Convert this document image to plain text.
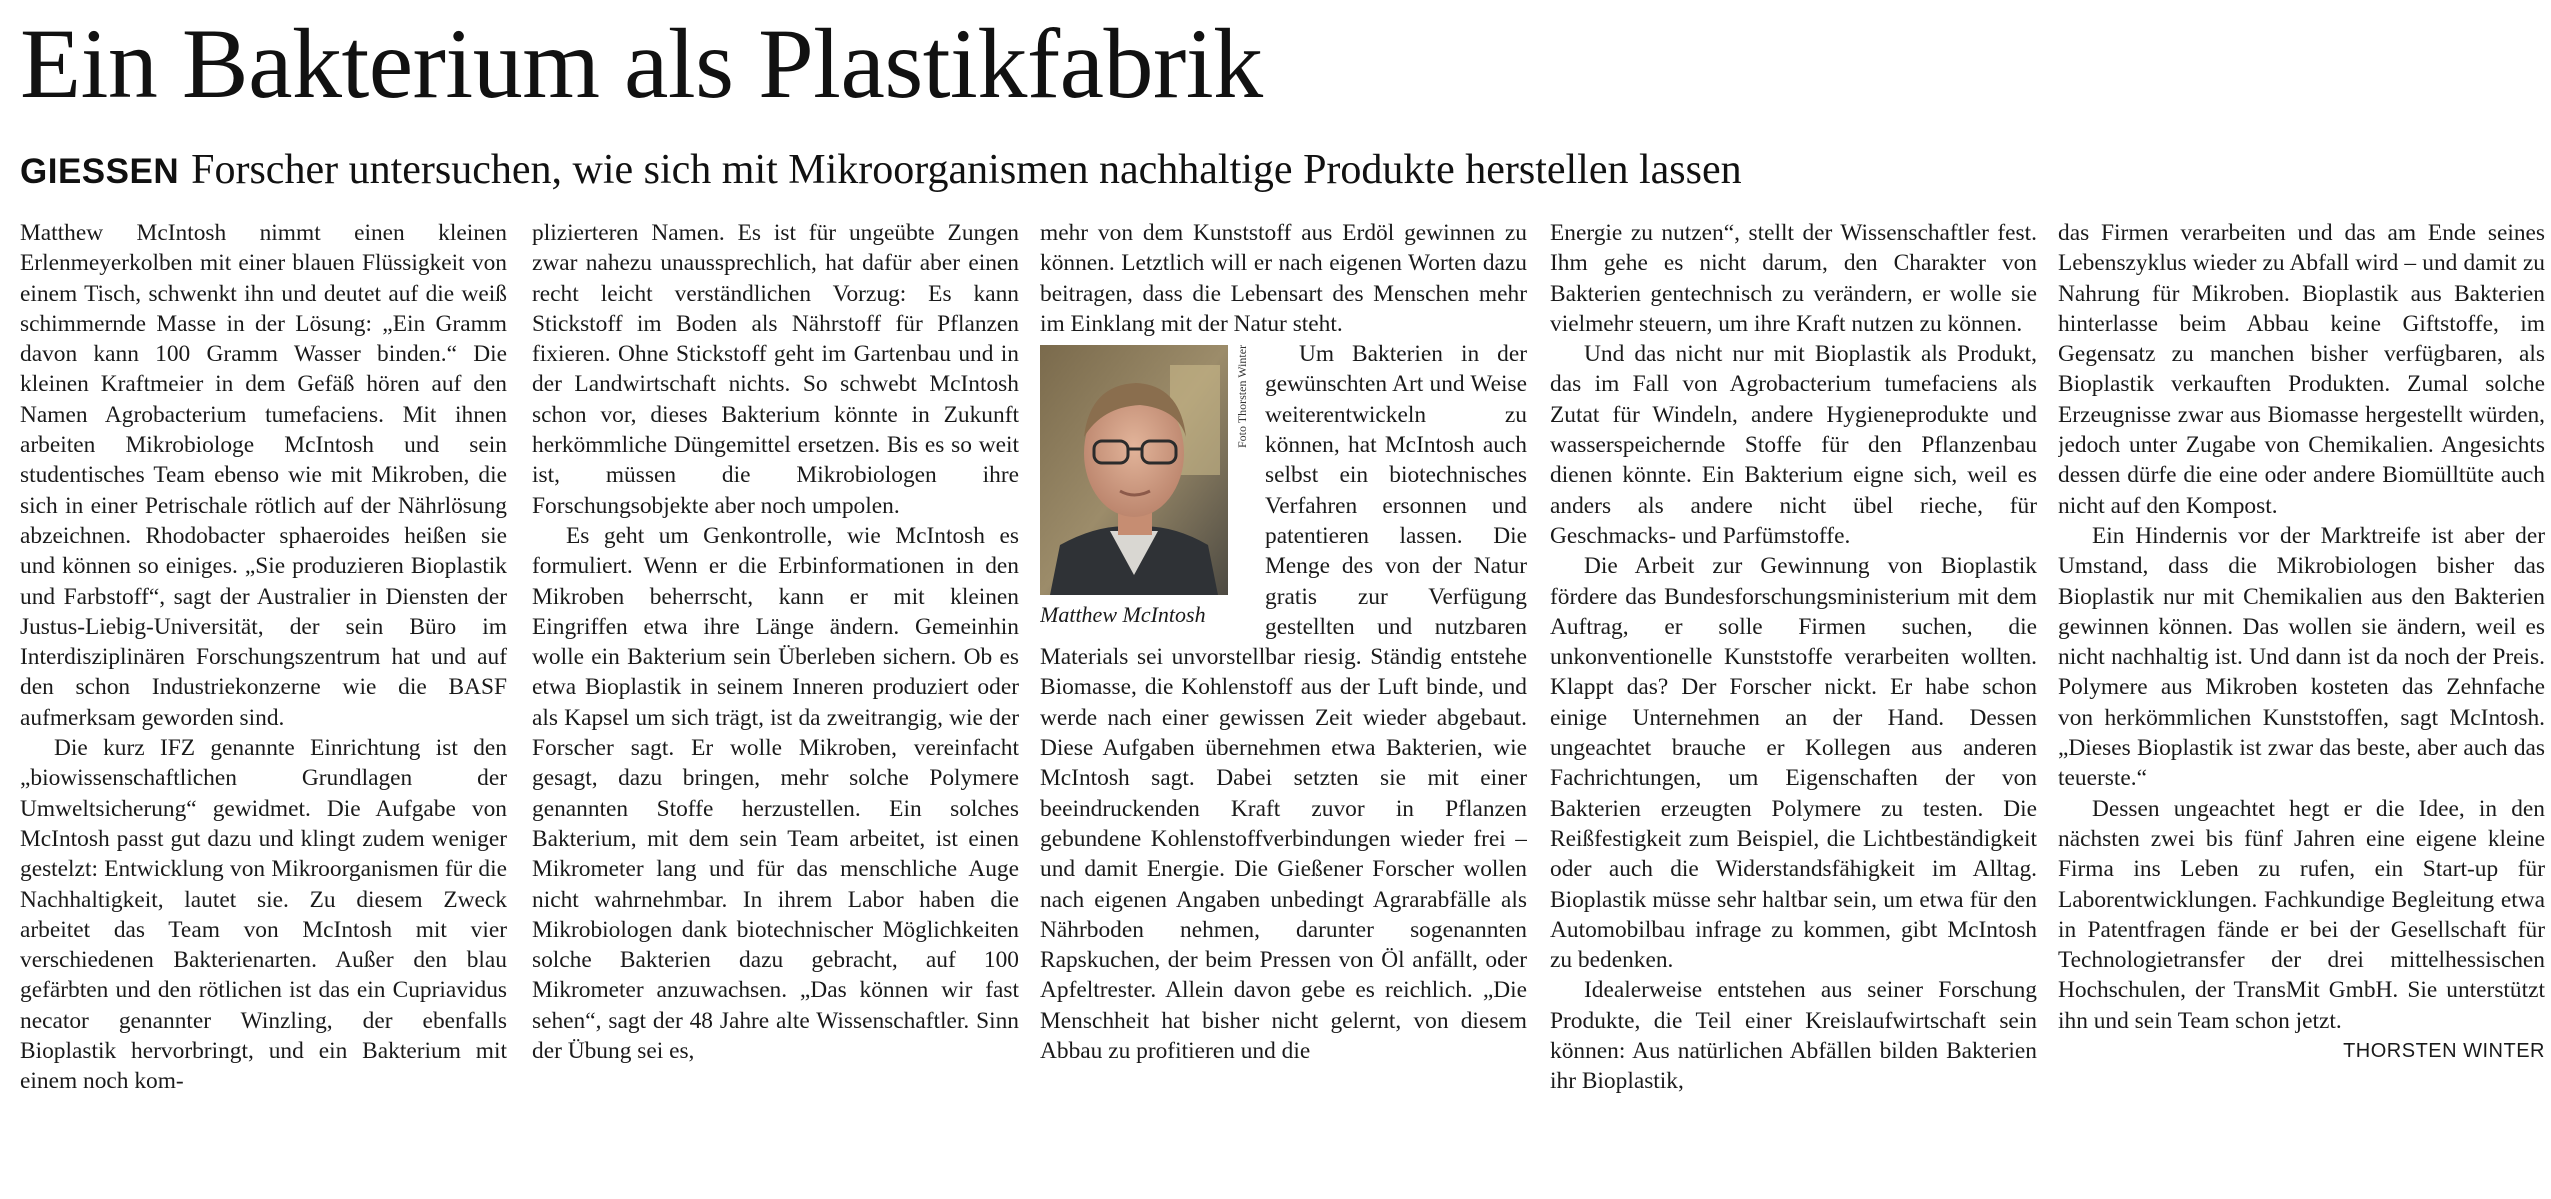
Ein Bakterium als Plastikfabrik
GIESSEN Forscher untersuchen, wie sich mit Mikroorganismen nachhaltige Produkte herstellen lassen

Matthew McIntosh nimmt einen kleinen Erlenmeyerkolben mit einer blauen Flüssigkeit von einem Tisch, schwenkt ihn und deutet auf die weiß schimmernde Masse in der Lösung: „Ein Gramm davon kann 100 Gramm Wasser binden.“ Die kleinen Kraftmeier in dem Gefäß hören auf den Namen Agrobacterium tumefaciens. Mit ihnen arbeiten Mikrobiologe McIntosh und sein studentisches Team ebenso wie mit Mikroben, die sich in einer Petrischale rötlich auf der Nährlösung abzeichnen. Rhodobacter sphaeroides heißen sie und können so einiges. „Sie produzieren Bioplastik und Farbstoff“, sagt der Australier in Diensten der Justus-Liebig-Universität, der sein Büro im Interdisziplinären Forschungszentrum hat und auf den schon Industriekonzerne wie die BASF aufmerksam geworden sind.

Die kurz IFZ genannte Einrichtung ist den „biowissenschaftlichen Grundlagen der Umweltsicherung“ gewidmet. Die Aufgabe von McIntosh passt gut dazu und klingt zudem weniger gestelzt: Entwicklung von Mikroorganismen für die Nachhaltigkeit, lautet sie. Zu diesem Zweck arbeitet das Team von McIntosh mit vier verschiedenen Bakterienarten. Außer den blau gefärbten und den rötlichen ist das ein Cupriavidus necator genannter Winzling, der ebenfalls Bioplastik hervorbringt, und ein Bakterium mit einem noch kom-

plizierteren Namen. Es ist für ungeübte Zungen zwar nahezu unaussprechlich, hat dafür aber einen recht leicht verständlichen Vorzug: Es kann Stickstoff im Boden als Nährstoff für Pflanzen fixieren. Ohne Stickstoff geht im Gartenbau und in der Landwirtschaft nichts. So schwebt McIntosh schon vor, dieses Bakterium könnte in Zukunft herkömmliche Düngemittel ersetzen. Bis es so weit ist, müssen die Mikrobiologen ihre Forschungsobjekte aber noch umpolen.

Es geht um Genkontrolle, wie McIntosh es formuliert. Wenn er die Erbinformationen in den Mikroben beherrscht, kann er mit kleinen Eingriffen etwa ihre Länge ändern. Gemeinhin wolle ein Bakterium sein Überleben sichern. Ob es etwa Bioplastik in seinem Inneren produziert oder als Kapsel um sich trägt, ist da zweitrangig, wie der Forscher sagt. Er wolle Mikroben, vereinfacht gesagt, dazu bringen, mehr solche Polymere genannten Stoffe herzustellen. Ein solches Bakterium, mit dem sein Team arbeitet, ist einen Mikrometer lang und für das menschliche Auge nicht wahrnehmbar. In ihrem Labor haben die Mikrobiologen dank biotechnischer Möglichkeiten solche Bakterien dazu gebracht, auf 100 Mikrometer anzuwachsen. „Das können wir fast sehen“, sagt der 48 Jahre alte Wissenschaftler. Sinn der Übung sei es,

mehr von dem Kunststoff aus Erdöl gewinnen zu können. Letztlich will er nach eigenen Worten dazu beitragen, dass die Lebensart des Menschen mehr im Einklang mit der Natur steht.

Foto Thorsten Winter
Matthew McIntosh

Um Bakterien in der gewünschten Art und Weise weiterentwickeln zu können, hat McIntosh auch selbst ein biotechnisches Verfahren ersonnen und patentieren lassen. Die Menge des von der Natur gratis zur Verfügung gestellten und nutzbaren Materials sei unvorstellbar riesig. Ständig entstehe Biomasse, die Kohlenstoff aus der Luft binde, und werde nach einer gewissen Zeit wieder abgebaut. Diese Aufgaben übernehmen etwa Bakterien, wie McIntosh sagt. Dabei setzten sie mit einer beeindruckenden Kraft zuvor in Pflanzen gebundene Kohlenstoffverbindungen wieder frei – und damit Energie. Die Gießener Forscher wollen nach eigenen Angaben unbedingt Agrarabfälle als Nährboden nehmen, darunter sogenannten Rapskuchen, der beim Pressen von Öl anfällt, oder Apfeltrester. Allein davon gebe es reichlich. „Die Menschheit hat bisher nicht gelernt, von diesem Abbau zu profitieren und die

Energie zu nutzen“, stellt der Wissenschaftler fest. Ihm gehe es nicht darum, den Charakter von Bakterien gentechnisch zu verändern, er wolle sie vielmehr steuern, um ihre Kraft nutzen zu können.

Und das nicht nur mit Bioplastik als Produkt, das im Fall von Agrobacterium tumefaciens als Zutat für Windeln, andere Hygieneprodukte und wasserspeichernde Stoffe für den Pflanzenbau dienen könnte. Ein Bakterium eigne sich, weil es anders als andere nicht übel rieche, für Geschmacks- und Parfümstoffe.

Die Arbeit zur Gewinnung von Bioplastik fördere das Bundesforschungsministerium mit dem Auftrag, er solle Firmen suchen, die unkonventionelle Kunststoffe verarbeiten wollten. Klappt das? Der Forscher nickt. Er habe schon einige Unternehmen an der Hand. Dessen ungeachtet brauche er Kollegen aus anderen Fachrichtungen, um Eigenschaften der von Bakterien erzeugten Polymere zu testen. Die Reißfestigkeit zum Beispiel, die Lichtbeständigkeit oder auch die Widerstandsfähigkeit im Alltag. Bioplastik müsse sehr haltbar sein, um etwa für den Automobilbau infrage zu kommen, gibt McIntosh zu bedenken.

Idealerweise entstehen aus seiner Forschung Produkte, die Teil einer Kreislaufwirtschaft sein können: Aus natürlichen Abfällen bilden Bakterien ihr Bioplastik,

das Firmen verarbeiten und das am Ende seines Lebenszyklus wieder zu Abfall wird – und damit zu Nahrung für Mikroben. Bioplastik aus Bakterien hinterlasse beim Abbau keine Giftstoffe, im Gegensatz zu manchen bisher verfügbaren, als Bioplastik verkauften Produkten. Zumal solche Erzeugnisse zwar aus Biomasse hergestellt würden, jedoch unter Zugabe von Chemikalien. Angesichts dessen dürfe die eine oder andere Biomülltüte auch nicht auf den Kompost.

Ein Hindernis vor der Marktreife ist aber der Umstand, dass die Mikrobiologen bisher das Bioplastik nur mit Chemikalien aus den Bakterien gewinnen können. Das wollen sie ändern, weil es nicht nachhaltig ist. Und dann ist da noch der Preis. Polymere aus Mikroben kosteten das Zehnfache von herkömmlichen Kunststoffen, sagt McIntosh. „Dieses Bioplastik ist zwar das beste, aber auch das teuerste.“

Dessen ungeachtet hegt er die Idee, in den nächsten zwei bis fünf Jahren eine eigene kleine Firma ins Leben zu rufen, ein Start-up für Laborentwicklungen. Fachkundige Begleitung etwa in Patentfragen fände er bei der Gesellschaft für Technologietransfer der drei mittelhessischen Hochschulen, der TransMit GmbH. Sie unterstützt ihn und sein Team schon jetzt.
THORSTEN WINTER
